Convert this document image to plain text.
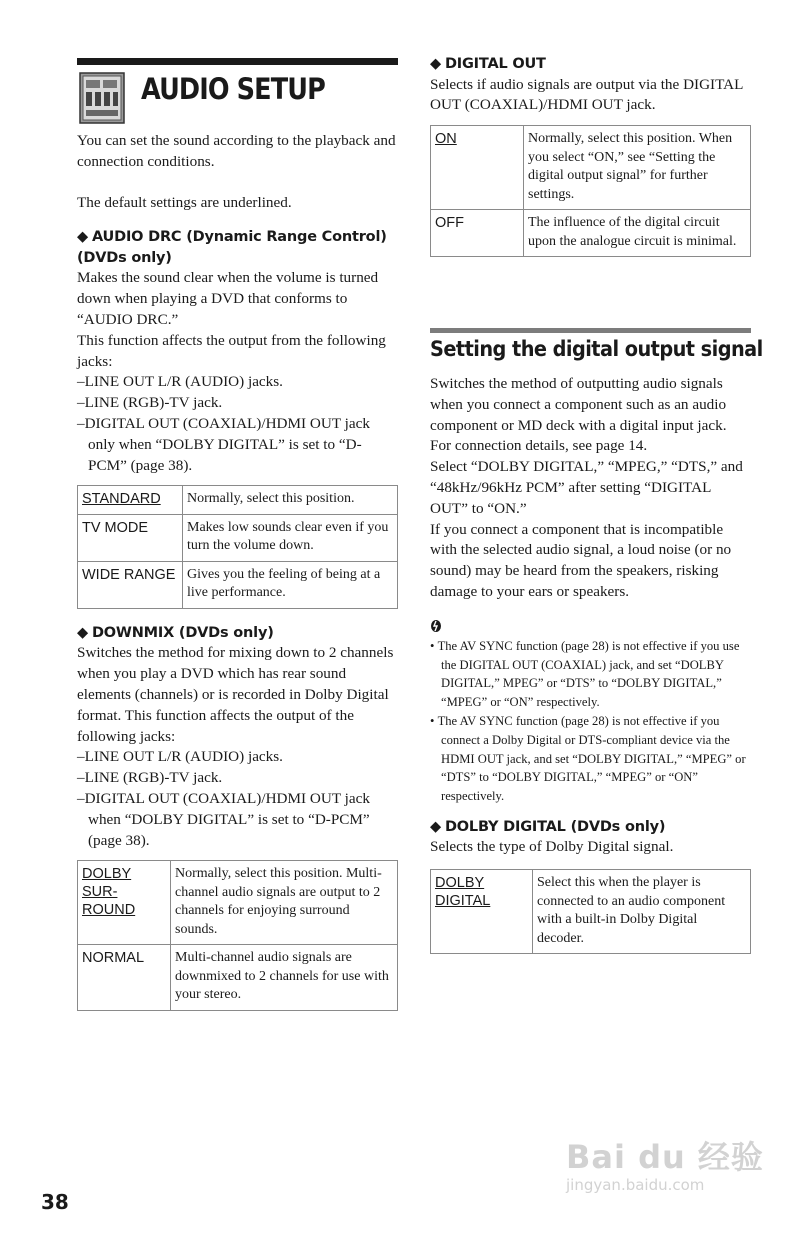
AUDIO SETUP

You can set the sound according to the playback and connection conditions.

The default settings are underlined.

◆ AUDIO DRC (Dynamic Range Control) (DVDs only)

Makes the sound clear when the volume is turned down when playing a DVD that conforms to “AUDIO DRC.”

This function affects the output from the following jacks:

–LINE OUT L/R (AUDIO) jacks.
–LINE (RGB)-TV jack.
–DIGITAL OUT (COAXIAL)/HDMI OUT jack only when “DOLBY DIGITAL” is set to “D-PCM” (page 38).
STANDARD	Normally, select this position.
TV MODE	Makes low sounds clear even if you turn the volume down.
WIDE RANGE	Gives you the feeling of being at a live performance.

◆ DOWNMIX (DVDs only)

Switches the method for mixing down to 2 channels when you play a DVD which has rear sound elements (channels) or is recorded in Dolby Digital format. This function affects the output of the following jacks:

–LINE OUT L/R (AUDIO) jacks.
–LINE (RGB)-TV jack.
–DIGITAL OUT (COAXIAL)/HDMI OUT jack when “DOLBY DIGITAL” is set to “D-PCM” (page 38).
DOLBY SUR-ROUND	Normally, select this position. Multi-channel audio signals are output to 2 channels for enjoying surround sounds.
NORMAL	Multi-channel audio signals are downmixed to 2 channels for use with your stereo.

◆ DIGITAL OUT

Selects if audio signals are output via the DIGITAL OUT (COAXIAL)/HDMI OUT jack.

ON	Normally, select this position. When you select “ON,” see “Setting the digital output signal” for further settings.
OFF	The influence of the digital circuit upon the analogue circuit is minimal.
Setting the digital output signal

Switches the method of outputting audio signals when you connect a component such as an audio component or MD deck with a digital input jack.

For connection details, see page 14.

Select “DOLBY DIGITAL,” “MPEG,” “DTS,” and “48kHz/96kHz PCM” after setting “DIGITAL OUT” to “ON.”

If you connect a component that is incompatible with the selected audio signal, a loud noise (or no sound) may be heard from the speakers, risking damage to your ears or speakers.

• The AV SYNC function (page 28) is not effective if you use the DIGITAL OUT (COAXIAL) jack, and set “DOLBY DIGITAL,” MPEG” or “DTS” to “DOLBY DIGITAL,” “MPEG” or “ON” respectively.

• The AV SYNC function (page 28) is not effective if you connect a Dolby Digital or DTS-compliant device via the HDMI OUT jack, and set “DOLBY DIGITAL,” “MPEG” or “DTS” to “DOLBY DIGITAL,” “MPEG” or “ON” respectively.

◆ DOLBY DIGITAL (DVDs only)

Selects the type of Dolby Digital signal.

DOLBY DIGITAL	Select this when the player is connected to an audio component with a built-in Dolby Digital decoder.
38
Bai du 经验
jingyan.baidu.com
